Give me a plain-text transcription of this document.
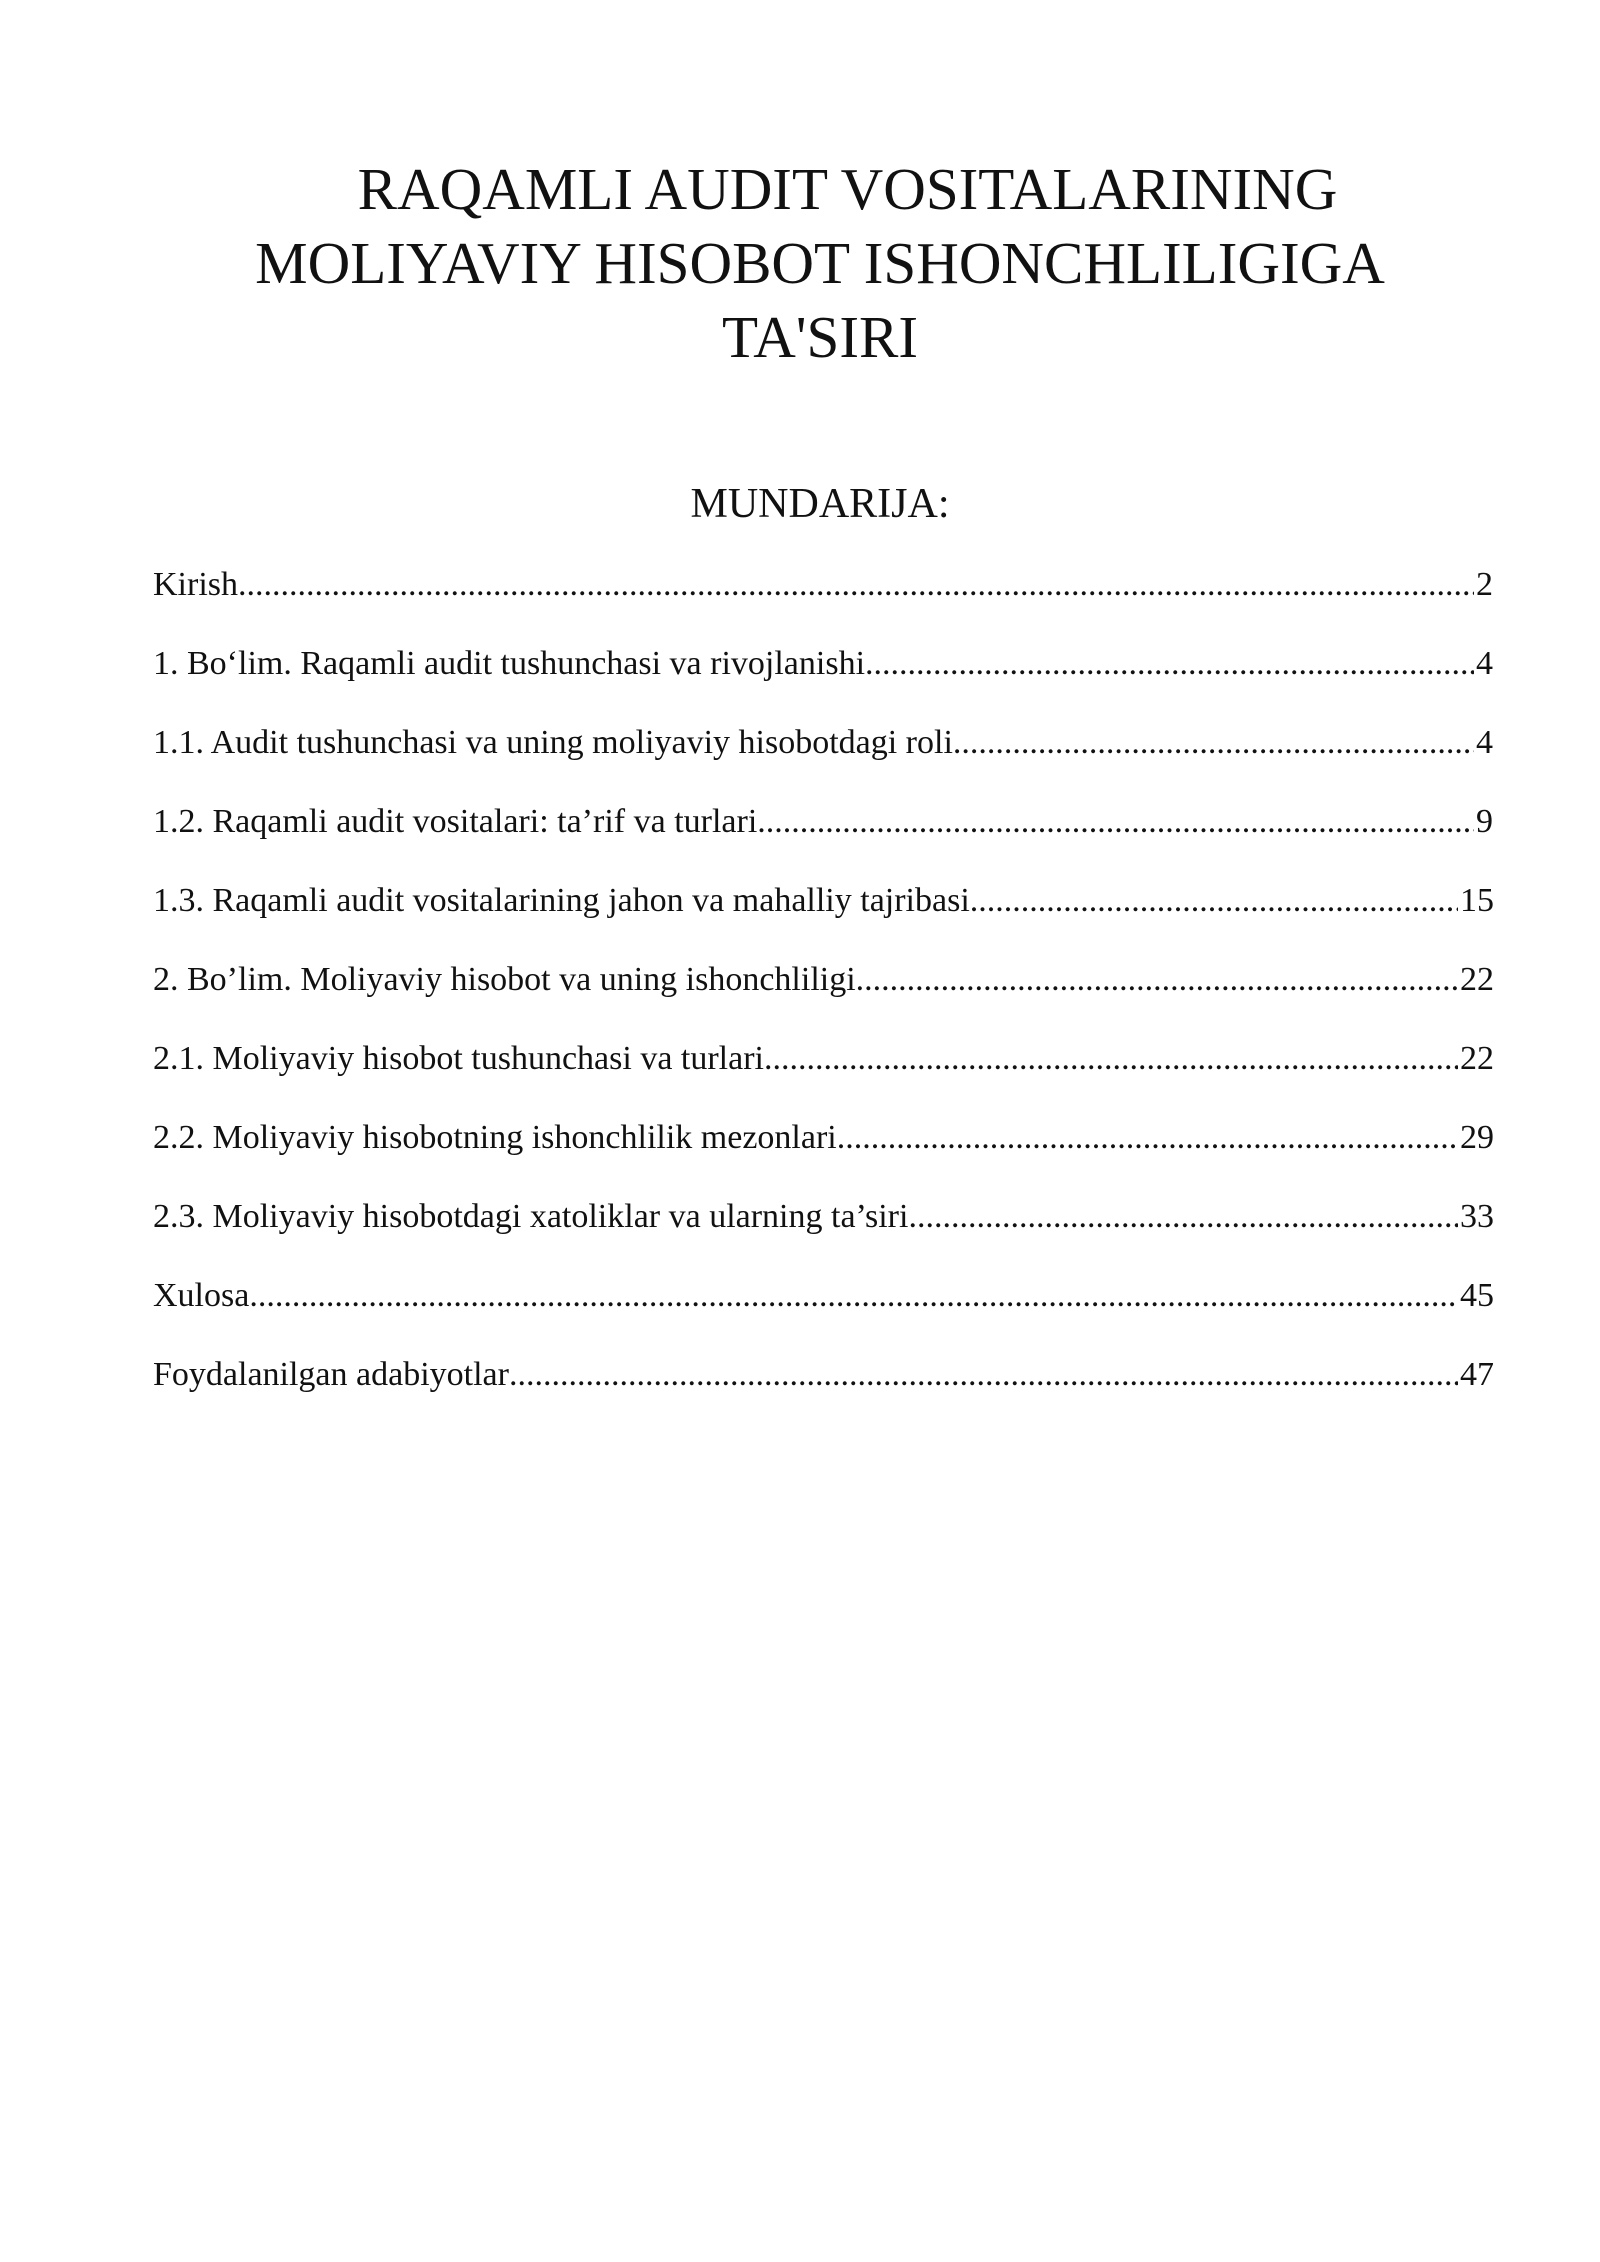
RAQAMLI AUDIT VOSITALARINING
MOLIYAVIY HISOBOT ISHONCHLILIGIGA
TA'SIRI
MUNDARIJA:
Kirish .....	2
1. Bo‘lim. Raqamli audit tushunchasi va rivojlanishi .....	4
1.1. Audit tushunchasi va uning moliyaviy hisobotdagi roli .....	4
1.2. Raqamli audit vositalari: ta’rif va turlari .....	9
1.3. Raqamli audit vositalarining jahon va mahalliy tajribasi .....	15
2. Bo’lim. Moliyaviy hisobot va uning ishonchliligi .....	22
2.1. Moliyaviy hisobot tushunchasi va turlari .....	22
2.2. Moliyaviy hisobotning ishonchlilik mezonlari .....	29
2.3. Moliyaviy hisobotdagi xatoliklar va ularning ta’siri .....	33
Xulosa .....	45
Foydalanilgan adabiyotlar .....	47
